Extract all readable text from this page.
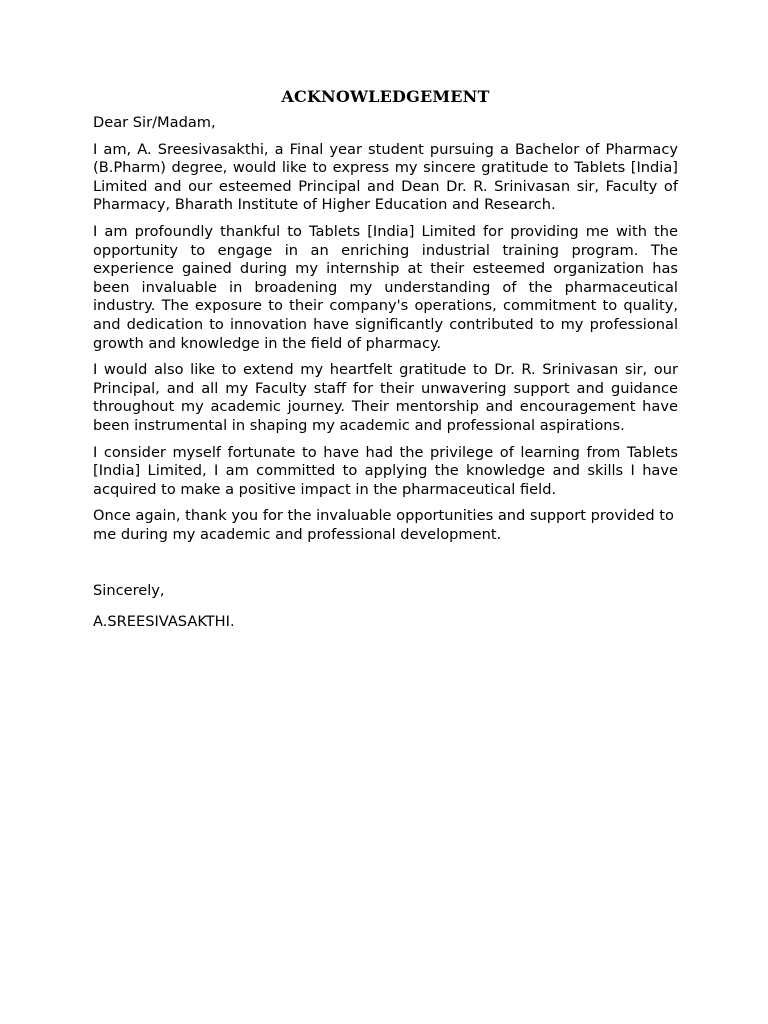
ACKNOWLEDGEMENT
Dear Sir/Madam,
I am, A. Sreesivasakthi, a Final year student pursuing a Bachelor of Pharmacy (B.Pharm) degree, would like to express my sincere gratitude to Tablets [India] Limited and our esteemed Principal and Dean Dr. R. Srinivasan sir, Faculty of Pharmacy, Bharath Institute of Higher Education and Research.
I am profoundly thankful to Tablets [India] Limited for providing me with the opportunity to engage in an enriching industrial training program. The experience gained during my internship at their esteemed organization has been invaluable in broadening my understanding of the pharmaceutical industry. The exposure to their company's operations, commitment to quality, and dedication to innovation have significantly contributed to my professional growth and knowledge in the field of pharmacy.
I would also like to extend my heartfelt gratitude to Dr. R. Srinivasan sir, our Principal, and all my Faculty staff for their unwavering support and guidance throughout my academic journey. Their mentorship and encouragement have been instrumental in shaping my academic and professional aspirations.
I consider myself fortunate to have had the privilege of learning from Tablets [India] Limited, I am committed to applying the knowledge and skills I have acquired to make a positive impact in the pharmaceutical field.
Once again, thank you for the invaluable opportunities and support provided to me during my academic and professional development.
Sincerely,
A.SREESIVASAKTHI.
